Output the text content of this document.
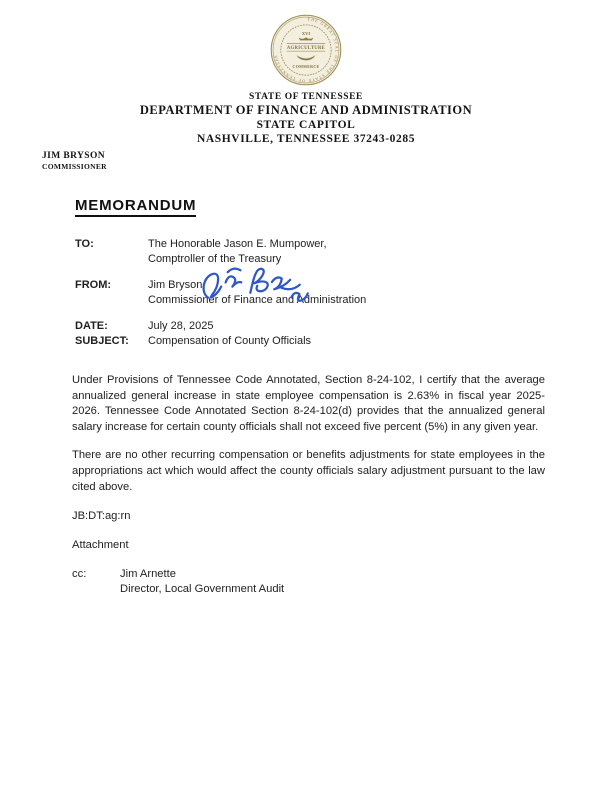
THE GREAT SEAL OF THE STATE OF TENNESSEE
XVI
AGRICULTURE
COMMERCE
STATE OF TENNESSEE
DEPARTMENT OF FINANCE AND ADMINISTRATION
STATE CAPITOL
NASHVILLE, TENNESSEE 37243-0285
JIM BRYSON
COMMISSIONER
MEMORANDUM
TO:	The Honorable Jason E. Mumpower,
Comptroller of the Treasury
FROM:	Jim Bryson,
Commissioner of Finance and Administration
DATE:	July 28, 2025
SUBJECT:	Compensation of County Officials

Under Provisions of Tennessee Code Annotated, Section 8-24-102, I certify that the average annualized general increase in state employee compensation is 2.63% in fiscal year 2025-2026. Tennessee Code Annotated Section 8-24-102(d) provides that the annualized general salary increase for certain county officials shall not exceed five percent (5%) in any given year.

There are no other recurring compensation or benefits adjustments for state employees in the appropriations act which would affect the county officials salary adjustment pursuant to the law cited above.

JB:DT:ag:rn
Attachment
cc:	Jim Arnette
Director, Local Government Audit
